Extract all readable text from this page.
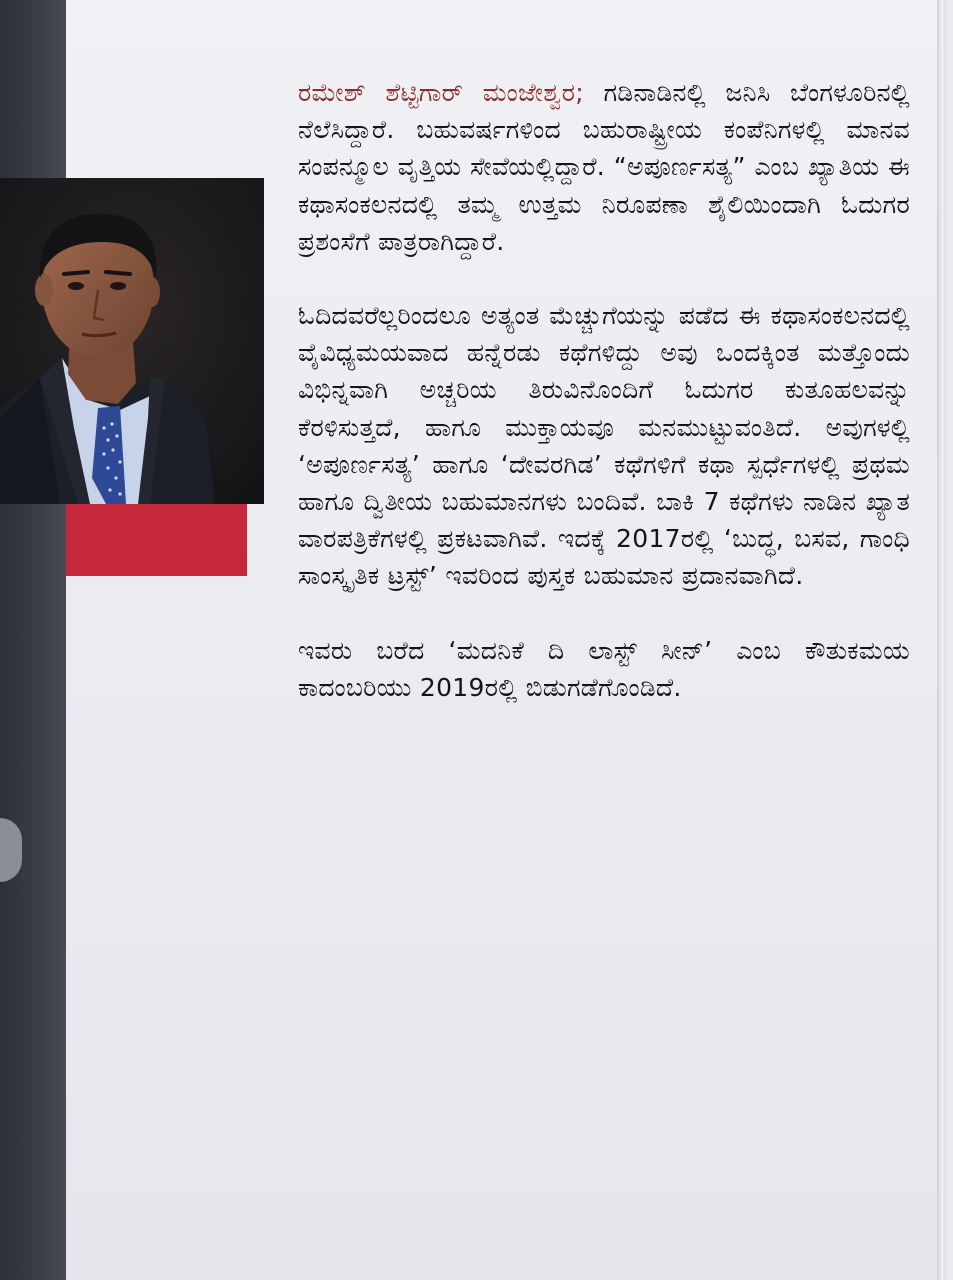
ರಮೇಶ್ ಶೆಟ್ಟಿಗಾರ್ ಮಂಜೇಶ್ವರ; ಗಡಿನಾಡಿನಲ್ಲಿ ಜನಿಸಿ ಬೆಂಗಳೂರಿನಲ್ಲಿ ನೆಲೆಸಿದ್ದಾರೆ. ಬಹುವರ್ಷಗಳಿಂದ ಬಹುರಾಷ್ಟ್ರೀಯ ಕಂಪೆನಿಗಳಲ್ಲಿ ಮಾನವ ಸಂಪನ್ಮೂಲ ವೃತ್ತಿಯ ಸೇವೆಯಲ್ಲಿದ್ದಾರೆ. “ಅಪೂರ್ಣಸತ್ಯ” ಎಂಬ ಖ್ಯಾತಿಯ ಈ ಕಥಾಸಂಕಲನದಲ್ಲಿ ತಮ್ಮ ಉತ್ತಮ ನಿರೂಪಣಾ ಶೈಲಿಯಿಂದಾಗಿ ಓದುಗರ ಪ್ರಶಂಸೆಗೆ ಪಾತ್ರರಾಗಿದ್ದಾರೆ.

ಓದಿದವರೆಲ್ಲರಿಂದಲೂ ಅತ್ಯಂತ ಮೆಚ್ಚುಗೆಯನ್ನು ಪಡೆದ ಈ ಕಥಾಸಂಕಲನದಲ್ಲಿ ವೈವಿಧ್ಯಮಯವಾದ ಹನ್ನೆರಡು ಕಥೆಗಳಿದ್ದು ಅವು ಒಂದಕ್ಕಿಂತ ಮತ್ತೊಂದು ವಿಭಿನ್ನವಾಗಿ ಅಚ್ಚರಿಯ ತಿರುವಿನೊಂದಿಗೆ ಓದುಗರ ಕುತೂಹಲವನ್ನು ಕೆರಳಿಸುತ್ತದೆ, ಹಾಗೂ ಮುಕ್ತಾಯವೂ ಮನಮುಟ್ಟುವಂತಿದೆ. ಅವುಗಳಲ್ಲಿ ‘ಅಪೂರ್ಣಸತ್ಯ’ ಹಾಗೂ ‘ದೇವರಗಿಡ’ ಕಥೆಗಳಿಗೆ ಕಥಾ ಸ್ಪರ್ಧೆಗಳಲ್ಲಿ ಪ್ರಥಮ ಹಾಗೂ ದ್ವಿತೀಯ ಬಹುಮಾನಗಳು ಬಂದಿವೆ. ಬಾಕಿ 7 ಕಥೆಗಳು ನಾಡಿನ ಖ್ಯಾತ ವಾರಪತ್ರಿಕೆಗಳಲ್ಲಿ ಪ್ರಕಟವಾಗಿವೆ. ಇದಕ್ಕೆ 2017ರಲ್ಲಿ ‘ಬುದ್ಧ, ಬಸವ, ಗಾಂಧಿ ಸಾಂಸ್ಕೃತಿಕ ಟ್ರಸ್ಟ್’ ಇವರಿಂದ ಪುಸ್ತಕ ಬಹುಮಾನ ಪ್ರದಾನವಾಗಿದೆ.

ಇವರು ಬರೆದ ‘ಮದನಿಕೆ ದಿ ಲಾಸ್ಟ್ ಸೀನ್’ ಎಂಬ ಕೌತುಕಮಯ ಕಾದಂಬರಿಯು 2019ರಲ್ಲಿ ಬಿಡುಗಡೆಗೊಂಡಿದೆ.
